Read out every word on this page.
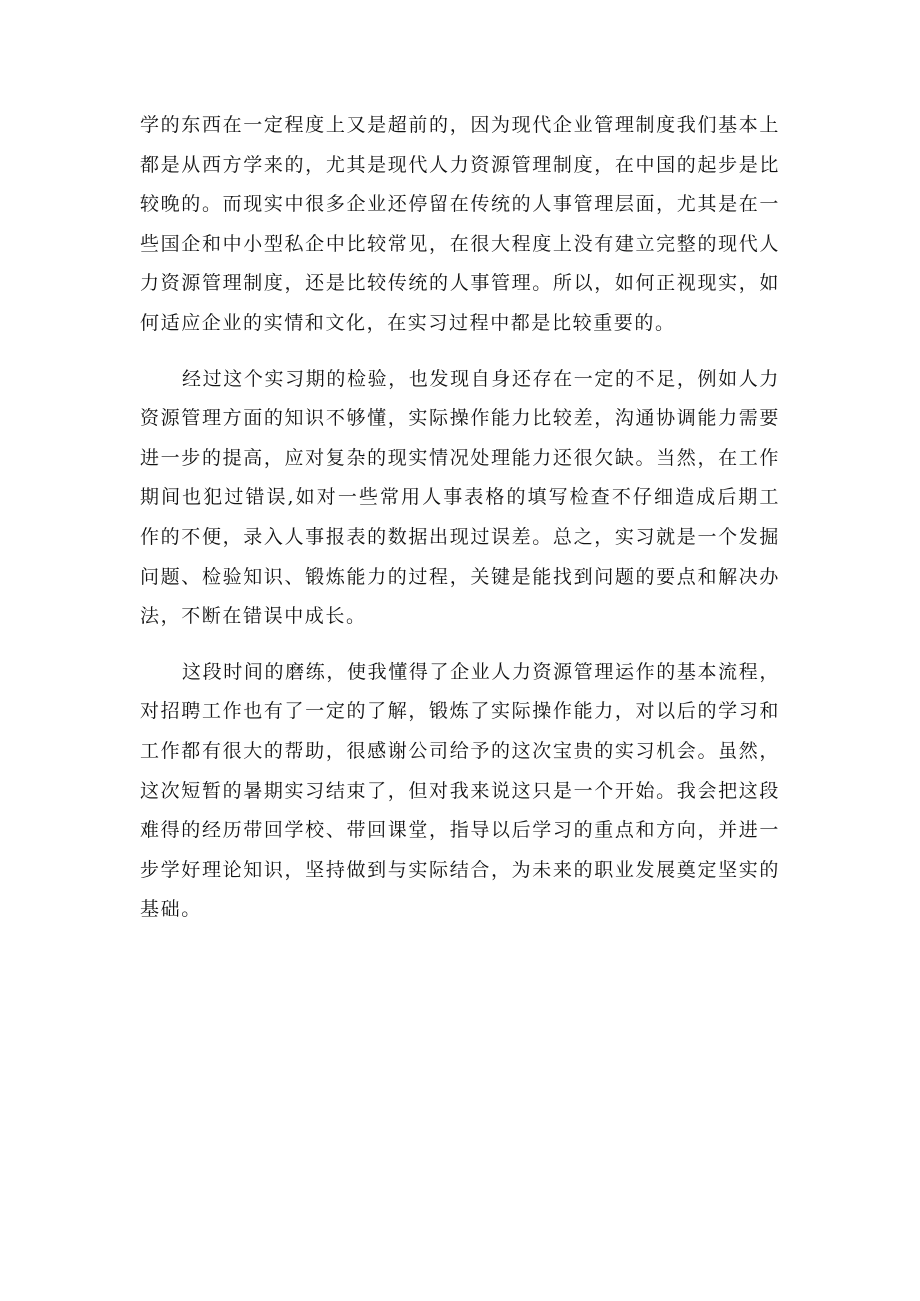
学的东西在一定程度上又是超前的，因为现代企业管理制度我们基本上都是从西方学来的，尤其是现代人力资源管理制度，在中国的起步是比较晚的。而现实中很多企业还停留在传统的人事管理层面，尤其是在一些国企和中小型私企中比较常见，在很大程度上没有建立完整的现代人力资源管理制度，还是比较传统的人事管理。所以，如何正视现实，如何适应企业的实情和文化，在实习过程中都是比较重要的。

经过这个实习期的检验，也发现自身还存在一定的不足，例如人力资源管理方面的知识不够懂，实际操作能力比较差，沟通协调能力需要进一步的提高，应对复杂的现实情况处理能力还很欠缺。当然，在工作期间也犯过错误,如对一些常用人事表格的填写检查不仔细造成后期工作的不便，录入人事报表的数据出现过误差。总之，实习就是一个发掘问题、检验知识、锻炼能力的过程，关键是能找到问题的要点和解决办法，不断在错误中成长。

这段时间的磨练，使我懂得了企业人力资源管理运作的基本流程，对招聘工作也有了一定的了解，锻炼了实际操作能力，对以后的学习和工作都有很大的帮助，很感谢公司给予的这次宝贵的实习机会。虽然，这次短暂的暑期实习结束了，但对我来说这只是一个开始。我会把这段难得的经历带回学校、带回课堂，指导以后学习的重点和方向，并进一步学好理论知识，坚持做到与实际结合，为未来的职业发展奠定坚实的基础。
